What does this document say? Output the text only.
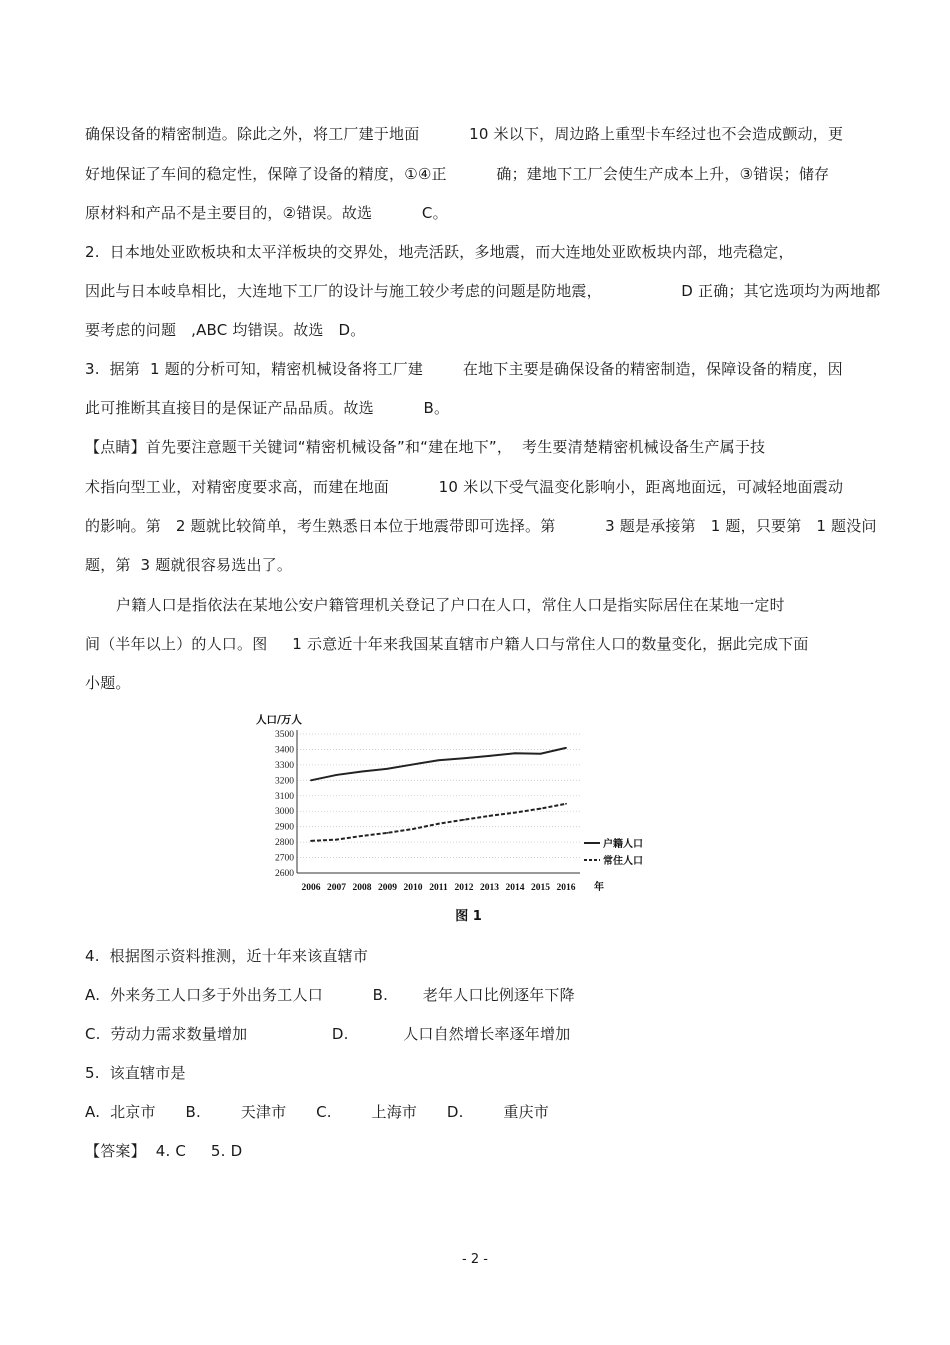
确保设备的精密制造。除此之外，将工厂建于地面          10 米以下，周边路上重型卡车经过也不会造成颤动，更
好地保证了车间的稳定性，保障了设备的精度，①④正          确；建地下工厂会使生产成本上升，③错误；储存
原材料和产品不是主要目的，②错误。故选          C。
2.  日本地处亚欧板块和太平洋板块的交界处，地壳活跃，多地震，而大连地处亚欧板块内部，地壳稳定，
因此与日本岐阜相比，大连地下工厂的设计与施工较少考虑的问题是防地震，                D 正确；其它选项均为两地都
要考虑的问题   ,ABC 均错误。故选   D。
3.  据第  1 题的分析可知，精密机械设备将工厂建        在地下主要是确保设备的精密制造，保障设备的精度，因
此可推断其直接目的是保证产品品质。故选          B。
【点睛】首先要注意题干关键词“精密机械设备”和“建在地下”，  考生要清楚精密机械设备生产属于技
术指向型工业，对精密度要求高，而建在地面          10 米以下受气温变化影响小，距离地面远，可减轻地面震动
的影响。第   2 题就比较简单，考生熟悉日本位于地震带即可选择。第          3 题是承接第   1 题，只要第   1 题没问
题，第  3 题就很容易选出了。
户籍人口是指依法在某地公安户籍管理机关登记了户口在人口，常住人口是指实际居住在某地一定时
间（半年以上）的人口。图     1 示意近十年来我国某直辖市户籍人口与常住人口的数量变化，据此完成下面
小题。
2600
2700
2800
2900
3000
3100
3200
3300
3400
3500
人口/万人
2006 2007 2008 2009 2010 2011 2012 2013 2014 2015 2016 年
户籍人口
常住人口
图 1
4.  根据图示资料推测，近十年来该直辖市
A.  外来务工人口多于外出务工人口          B.       老年人口比例逐年下降
C.  劳动力需求数量增加                 D.           人口自然增长率逐年增加
5.  该直辖市是
A.  北京市      B.        天津市      C.        上海市      D.        重庆市
【答案】  4. C     5. D
- 2 -
